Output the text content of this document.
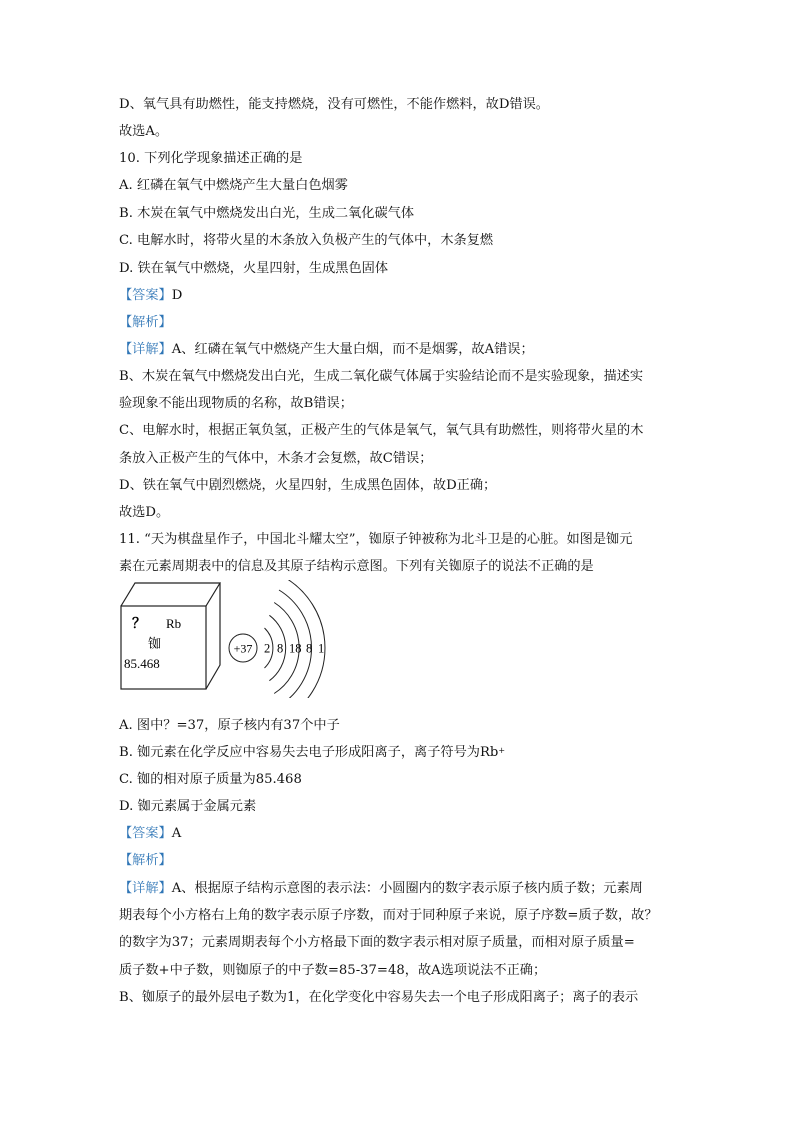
D、氧气具有助燃性，能支持燃烧，没有可燃性，不能作燃料，故D错误。
故选A。
10. 下列化学现象描述正确的是
A. 红磷在氧气中燃烧产生大量白色烟雾
B. 木炭在氧气中燃烧发出白光，生成二氧化碳气体
C. 电解水时，将带火星的木条放入负极产生的气体中，木条复燃
D. 铁在氧气中燃烧，火星四射，生成黑色固体
【答案】D
【解析】
【详解】A、红磷在氧气中燃烧产生大量白烟，而不是烟雾，故A错误；
B、木炭在氧气中燃烧发出白光，生成二氧化碳气体属于实验结论而不是实验现象，描述实
验现象不能出现物质的名称，故B错误；
C、电解水时，根据正氧负氢，正极产生的气体是氧气，氧气具有助燃性，则将带火星的木
条放入正极产生的气体中，木条才会复燃，故C错误；
D、铁在氧气中剧烈燃烧，火星四射，生成黑色固体，故D正确；
故选D。
11. “天为棋盘星作子，中国北斗耀太空”，铷原子钟被称为北斗卫是的心脏。如图是铷元
素在元素周期表中的信息及其原子结构示意图。下列有关铷原子的说法不正确的是
？ Rb
铷
85.468
+37 2 8 18 8 1
A. 图中？=37，原子核内有37个中子
B. 铷元素在化学反应中容易失去电子形成阳离子，离子符号为Rb+
C. 铷的相对原子质量为85.468
D. 铷元素属于金属元素
【答案】A
【解析】
【详解】A、根据原子结构示意图的表示法：小圆圈内的数字表示原子核内质子数；元素周
期表每个小方格右上角的数字表示原子序数，而对于同种原子来说，原子序数=质子数，故？
的数字为37；元素周期表每个小方格最下面的数字表示相对原子质量，而相对原子质量=
质子数+中子数，则铷原子的中子数=85-37=48，故A选项说法不正确；
B、铷原子的最外层电子数为1，在化学变化中容易失去一个电子形成阳离子；离子的表示
